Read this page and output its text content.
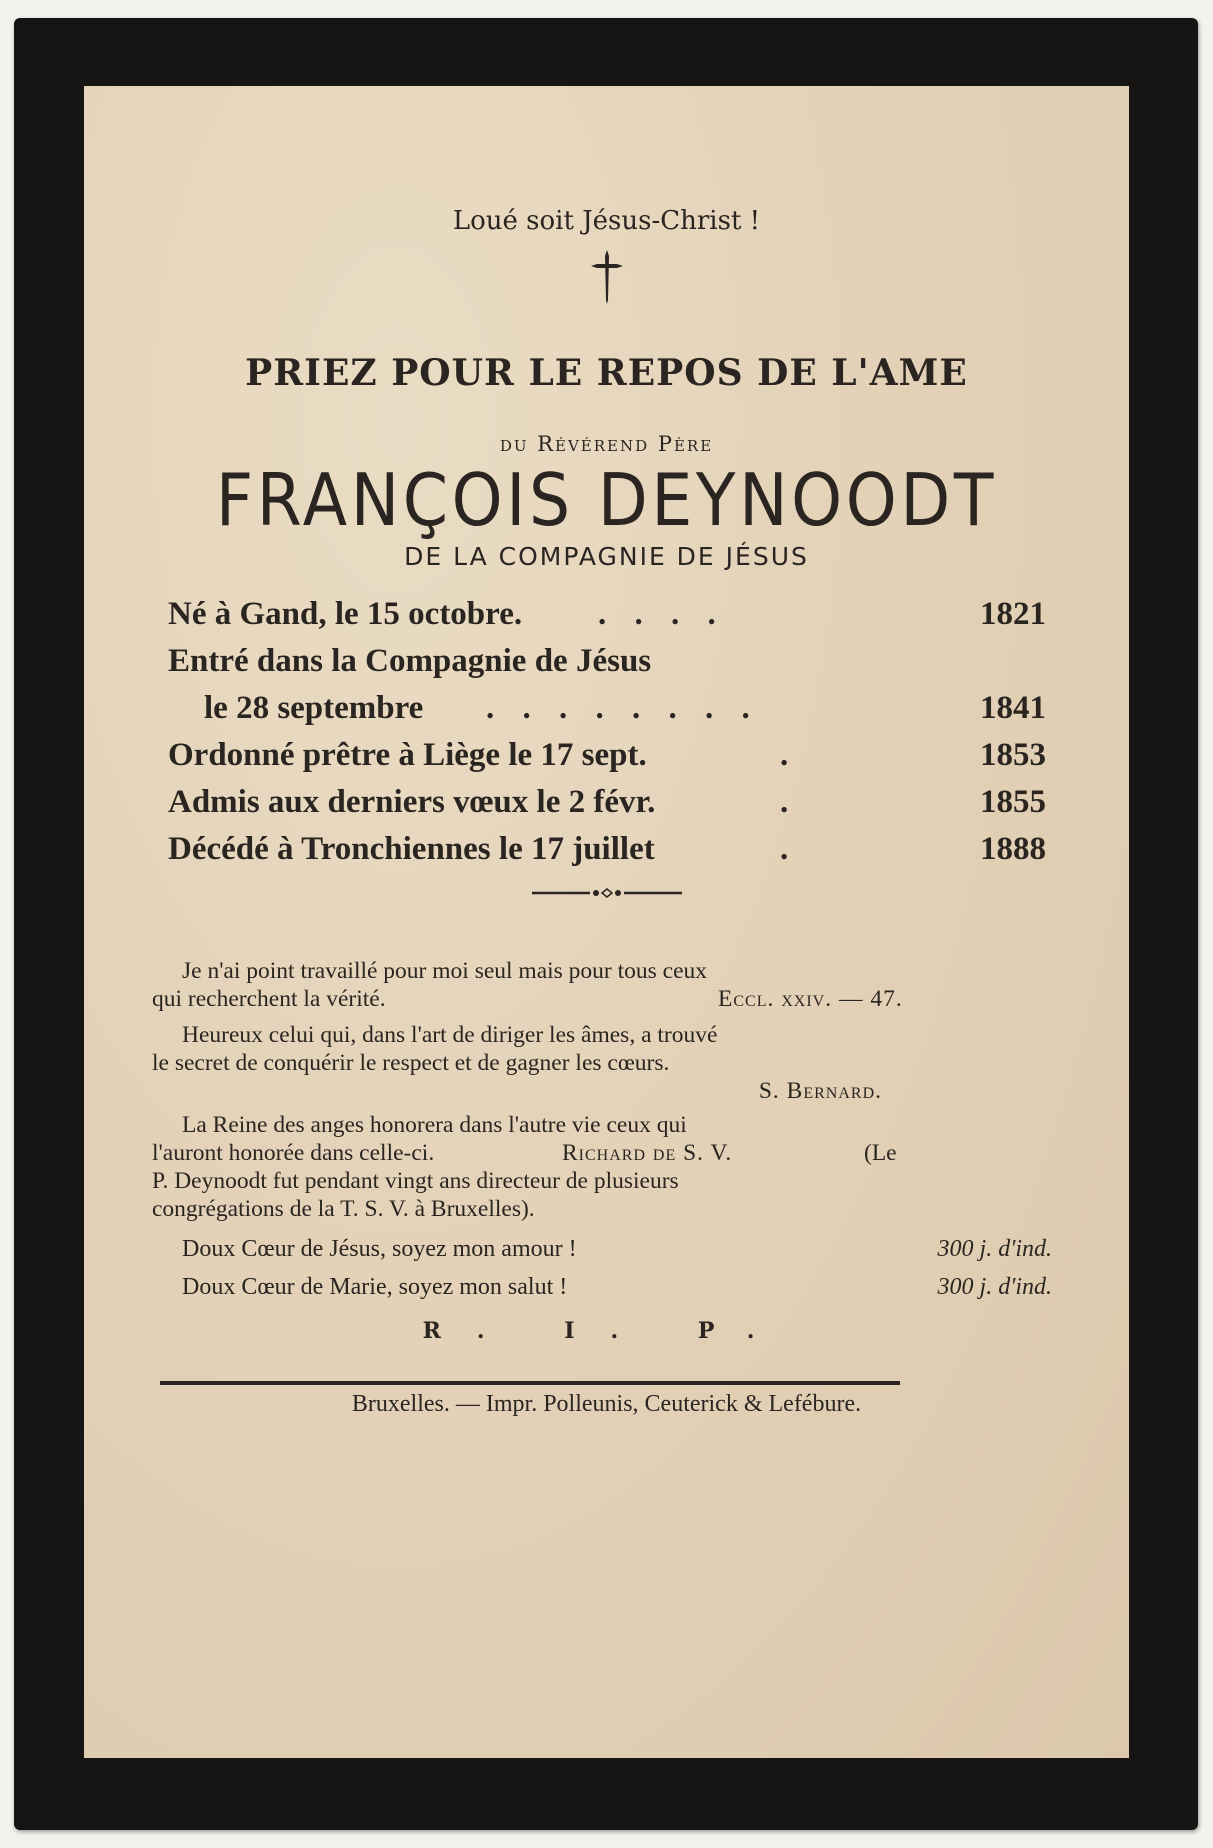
Loué soit Jésus-Christ !
PRIEZ POUR LE REPOS DE L'AME
du Révérend Père
FRANÇOIS DEYNOODT
DE LA COMPAGNIE DE JÉSUS
Né à Gand, le 15 octobre. . . . .	1821
Entré dans la Compagnie de Jésus
le 28 septembre . . . . . . . .	1841
Ordonné prêtre à Liège le 17 sept.	.	1853
Admis aux derniers vœux le 2 févr.	.	1855
Décédé à Tronchiennes le 17 juillet	.	1888
Je n'ai point travaillé pour moi seul mais pour tous ceux
qui recherchent la vérité.	Eccl. xxiv. — 47.
Heureux celui qui, dans l'art de diriger les âmes, a trouvé
le secret de conquérir le respect et de gagner les cœurs.
S. Bernard.
La Reine des anges honorera dans l'autre vie ceux qui
l'auront honorée dans celle-ci.	Richard de S. V.	(Le
P. Deynoodt fut pendant vingt ans directeur de plusieurs
congrégations de la T. S. V. à Bruxelles).
Doux Cœur de Jésus, soyez mon amour !	300 j. d'ind.
Doux Cœur de Marie, soyez mon salut !	300 j. d'ind.
R. I. P.
Bruxelles. — Impr. Polleunis, Ceuterick & Lefébure.
